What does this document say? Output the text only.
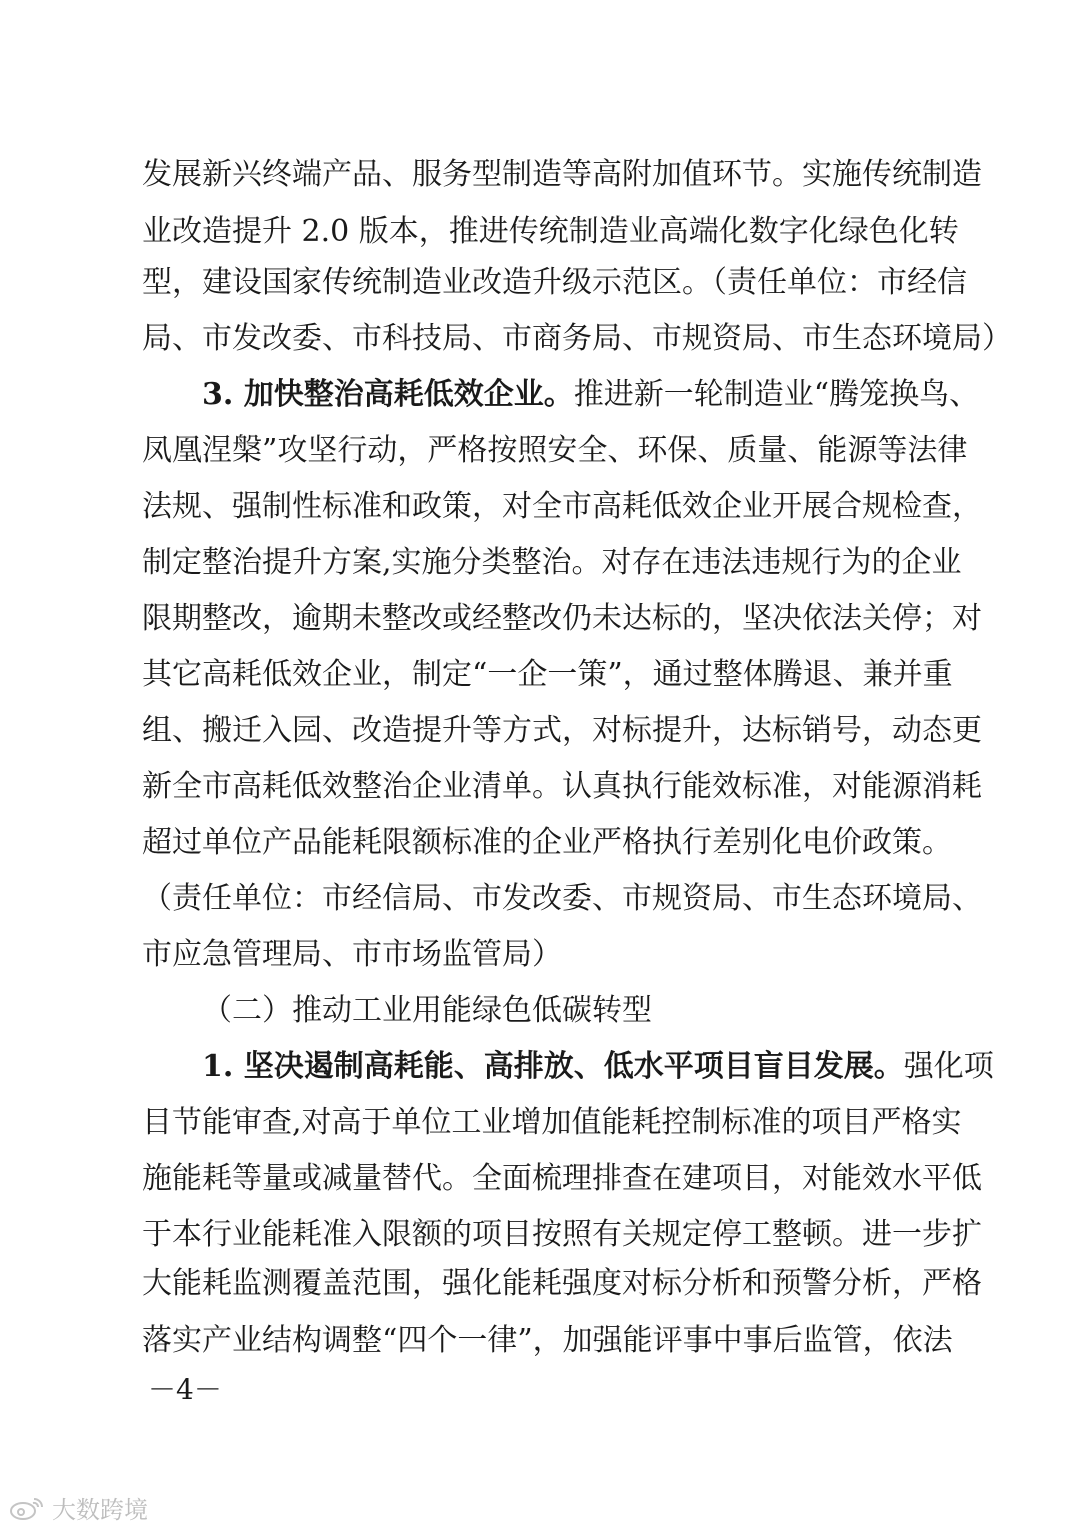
发展新兴终端产品、服务型制造等高附加值环节。实施传统制造
业改造提升 2.0 版本，推进传统制造业高端化数字化绿色化转
型，建设国家传统制造业改造升级示范区。（责任单位：市经信
局、市发改委、市科技局、市商务局、市规资局、市生态环境局）
3. 加快整治高耗低效企业。推进新一轮制造业“腾笼换鸟、
凤凰涅槃”攻坚行动，严格按照安全、环保、质量、能源等法律
法规、强制性标准和政策，对全市高耗低效企业开展合规检查，
制定整治提升方案,实施分类整治。对存在违法违规行为的企业
限期整改，逾期未整改或经整改仍未达标的，坚决依法关停；对
其它高耗低效企业，制定“一企一策”，通过整体腾退、兼并重
组、搬迁入园、改造提升等方式，对标提升，达标销号，动态更
新全市高耗低效整治企业清单。认真执行能效标准，对能源消耗
超过单位产品能耗限额标准的企业严格执行差别化电价政策。
（责任单位：市经信局、市发改委、市规资局、市生态环境局、
市应急管理局、市市场监管局）
（二）推动工业用能绿色低碳转型
1. 坚决遏制高耗能、高排放、低水平项目盲目发展。强化项
目节能审查,对高于单位工业增加值能耗控制标准的项目严格实
施能耗等量或减量替代。全面梳理排查在建项目，对能效水平低
于本行业能耗准入限额的项目按照有关规定停工整顿。进一步扩
大能耗监测覆盖范围，强化能耗强度对标分析和预警分析，严格
落实产业结构调整“四个一律”，加强能评事中事后监管，依法
－4－
大数跨境
